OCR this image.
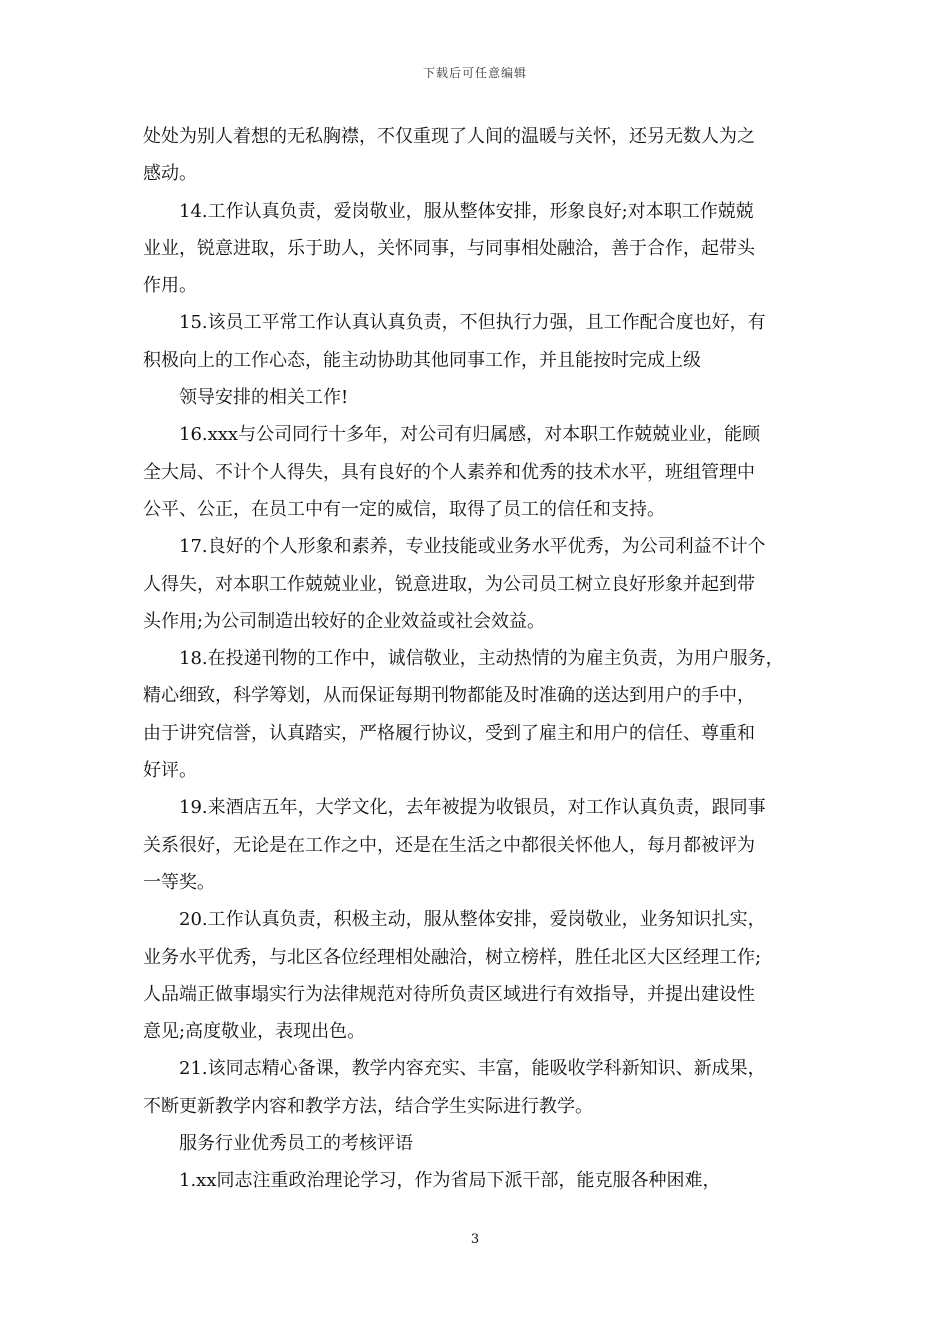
下载后可任意编辑
处处为别人着想的无私胸襟，不仅重现了人间的温暖与关怀，还另无数人为之
感动。
14.工作认真负责，爱岗敬业，服从整体安排，形象良好;对本职工作兢兢
业业，锐意进取，乐于助人，关怀同事，与同事相处融洽，善于合作，起带头
作用。
15.该员工平常工作认真认真负责，不但执行力强，且工作配合度也好，有
积极向上的工作心态，能主动协助其他同事工作，并且能按时完成上级
领导安排的相关工作!
16.xxx与公司同行十多年，对公司有归属感，对本职工作兢兢业业，能顾
全大局、不计个人得失，具有良好的个人素养和优秀的技术水平，班组管理中
公平、公正，在员工中有一定的威信，取得了员工的信任和支持。
17.良好的个人形象和素养，专业技能或业务水平优秀，为公司利益不计个
人得失，对本职工作兢兢业业，锐意进取，为公司员工树立良好形象并起到带
头作用;为公司制造出较好的企业效益或社会效益。
18.在投递刊物的工作中，诚信敬业，主动热情的为雇主负责，为用户服务，
精心细致，科学筹划，从而保证每期刊物都能及时准确的送达到用户的手中，
由于讲究信誉，认真踏实，严格履行协议，受到了雇主和用户的信任、尊重和
好评。
19.来酒店五年，大学文化，去年被提为收银员，对工作认真负责，跟同事
关系很好，无论是在工作之中，还是在生活之中都很关怀他人，每月都被评为
一等奖。
20.工作认真负责，积极主动，服从整体安排，爱岗敬业，业务知识扎实，
业务水平优秀，与北区各位经理相处融洽，树立榜样，胜任北区大区经理工作;
人品端正做事塌实行为法律规范对待所负责区域进行有效指导，并提出建设性
意见;高度敬业，表现出色。
21.该同志精心备课，教学内容充实、丰富，能吸收学科新知识、新成果，
不断更新教学内容和教学方法，结合学生实际进行教学。
服务行业优秀员工的考核评语
1.xx同志注重政治理论学习，作为省局下派干部，能克服各种困难，
3
